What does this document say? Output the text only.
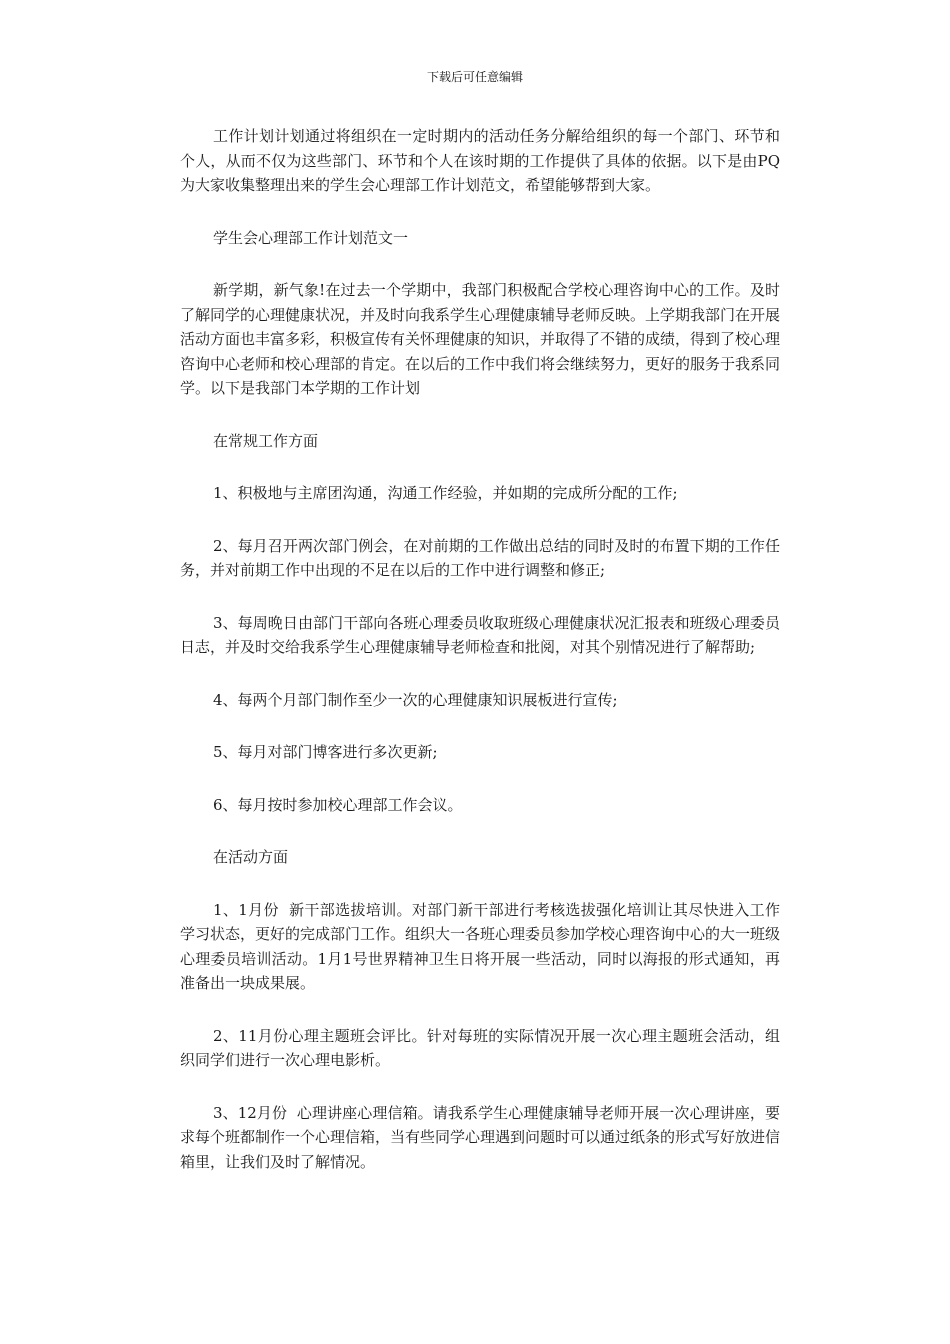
下载后可任意编辑

工作计划计划通过将组织在一定时期内的活动任务分解给组织的每一个部门、环节和个人，从而不仅为这些部门、环节和个人在该时期的工作提供了具体的依据。以下是由PQ为大家收集整理出来的学生会心理部工作计划范文，希望能够帮到大家。

学生会心理部工作计划范文一

新学期，新气象!在过去一个学期中，我部门积极配合学校心理咨询中心的工作。及时了解同学的心理健康状况，并及时向我系学生心理健康辅导老师反映。上学期我部门在开展活动方面也丰富多彩，积极宣传有关怀理健康的知识，并取得了不错的成绩，得到了校心理咨询中心老师和校心理部的肯定。在以后的工作中我们将会继续努力，更好的服务于我系同学。以下是我部门本学期的工作计划

在常规工作方面

1、积极地与主席团沟通，沟通工作经验，并如期的完成所分配的工作;

2、每月召开两次部门例会，在对前期的工作做出总结的同时及时的布置下期的工作任务，并对前期工作中出现的不足在以后的工作中进行调整和修正;

3、每周晚日由部门干部向各班心理委员收取班级心理健康状况汇报表和班级心理委员日志，并及时交给我系学生心理健康辅导老师检查和批阅，对其个别情况进行了解帮助;

4、每两个月部门制作至少一次的心理健康知识展板进行宣传;

5、每月对部门博客进行多次更新;

6、每月按时参加校心理部工作会议。

在活动方面

1、1月份  新干部选拔培训。对部门新干部进行考核选拔强化培训让其尽快进入工作学习状态，更好的完成部门工作。组织大一各班心理委员参加学校心理咨询中心的大一班级心理委员培训活动。1月1号世界精神卫生日将开展一些活动，同时以海报的形式通知，再准备出一块成果展。

2、11月份心理主题班会评比。针对每班的实际情况开展一次心理主题班会活动，组织同学们进行一次心理电影析。

3、12月份  心理讲座心理信箱。请我系学生心理健康辅导老师开展一次心理讲座，要求每个班都制作一个心理信箱，当有些同学心理遇到问题时可以通过纸条的形式写好放进信箱里，让我们及时了解情况。
